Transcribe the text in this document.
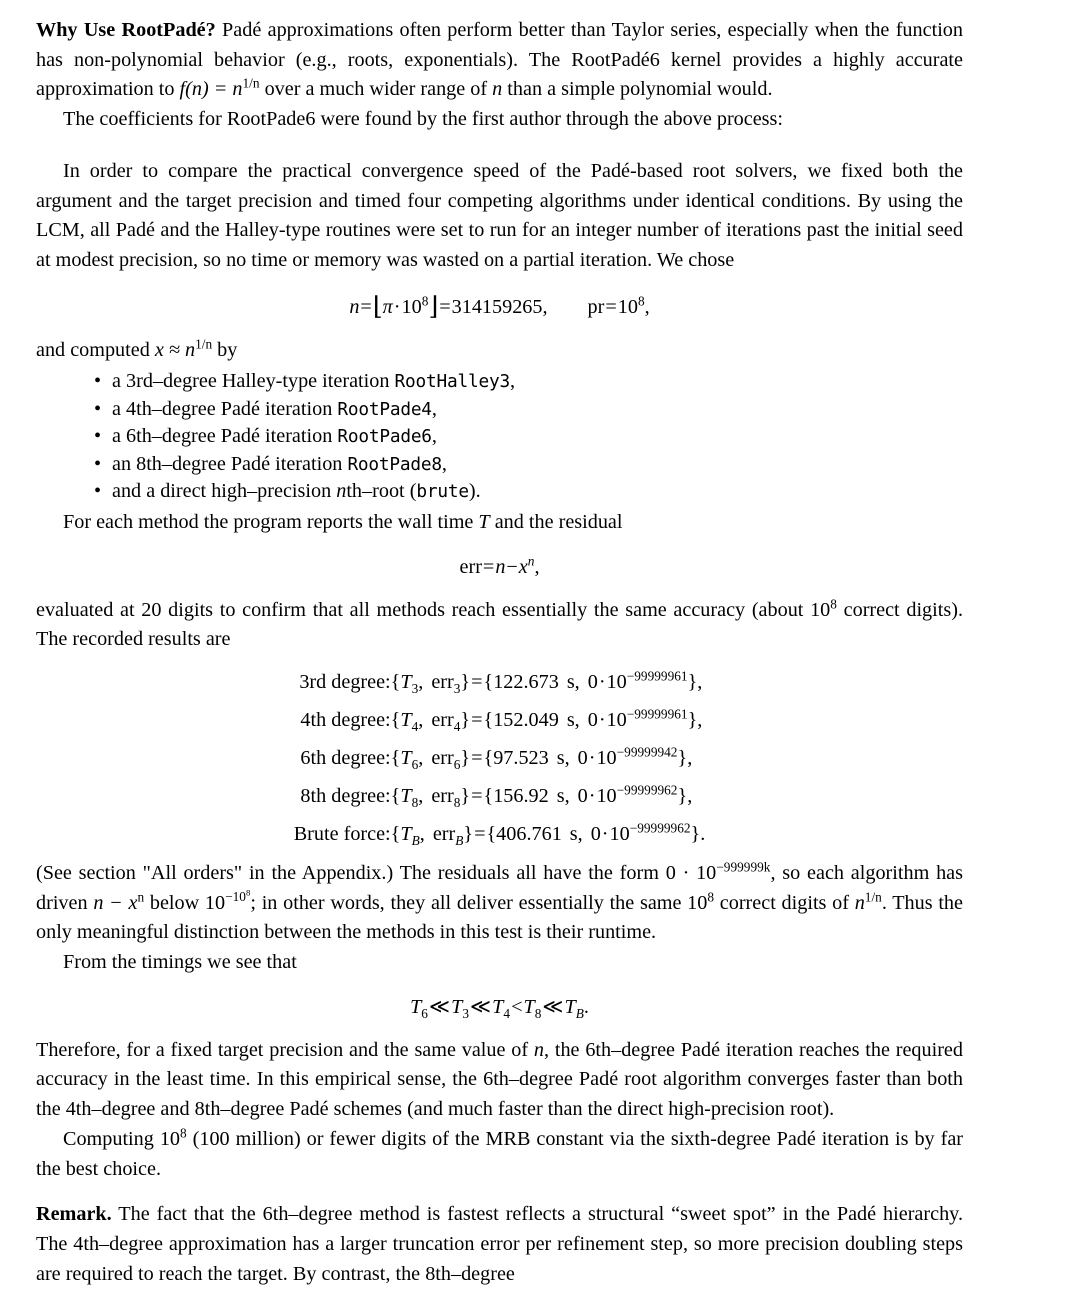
Why Use RootPadé? Padé approximations often perform better than Taylor series, especially when the function has non-polynomial behavior (e.g., roots, exponentials). The RootPadé6 kernel provides a highly accurate approximation to $f(n) = n^{1/n}$ over a much wider range of n than a simple polynomial would.

The coefficients for RootPade6 were found by the first author through the above process:

In order to compare the practical convergence speed of the Padé-based root solvers, we fixed both the argument and the target precision and timed four competing algorithms under identical conditions. By using the LCM, all Padé and the Halley-type routines were set to run for an integer number of iterations past the initial seed at modest precision, so no time or memory was wasted on a partial iteration. We chose

$n=⌊\pi\cdot 10^8⌋=314159265$, $pr=10^8$,

and computed $x \approx n^{1/n}$ by

• a 3rd–degree Halley-type iteration RootHalley3,
• a 4th–degree Padé iteration RootPade4,
• a 6th–degree Padé iteration RootPade6,
• an 8th–degree Padé iteration RootPade8,
• and a direct high–precision nth–root (brute).

For each method the program reports the wall time T and the residual

$err=n-x^n$,

evaluated at 20 digits to confirm that all methods reach essentially the same accuracy (about $10^8$ correct digits). The recorded results are

3rd degree:	{$T_3$, err$_3$}={122.673 s, $0\cdot 10^{-99999961}$},
4th degree:	{$T_4$, err$_4$}={152.049 s, $0\cdot 10^{-99999961}$},
6th degree:	{$T_6$, err$_6$}={97.523 s, $0\cdot 10^{-99999942}$},
8th degree:	{$T_8$, err$_8$}={156.92 s, $0\cdot 10^{-99999962}$},
Brute force:	{$T_B$, err$_B$}={406.761 s, $0\cdot 10^{-99999962}$}.

(See section "All orders" in the Appendix.) The residuals all have the form $0 \cdot 10^{-999999k}$, so each algorithm has driven $n - x^n$ below $10^{-10^8}$; in other words, they all deliver essentially the same $10^8$ correct digits of $n^{1/n}$. Thus the only meaningful distinction between the methods in this test is their runtime.

From the timings we see that

$T_6≪T_3≪T_4<T_8≪T_B$.

Therefore, for a fixed target precision and the same value of n, the 6th–degree Padé iteration reaches the required accuracy in the least time. In this empirical sense, the 6th–degree Padé root algorithm converges faster than both the 4th–degree and 8th–degree Padé schemes (and much faster than the direct high-precision root).

Computing $10^8$ (100 million) or fewer digits of the MRB constant via the sixth-degree Padé iteration is by far the best choice.

Remark. The fact that the 6th–degree method is fastest reflects a structural “sweet spot” in the Padé hierarchy. The 4th–degree approximation has a larger truncation error per refinement step, so more precision doubling steps are required to reach the target. By contrast, the 8th–degree
